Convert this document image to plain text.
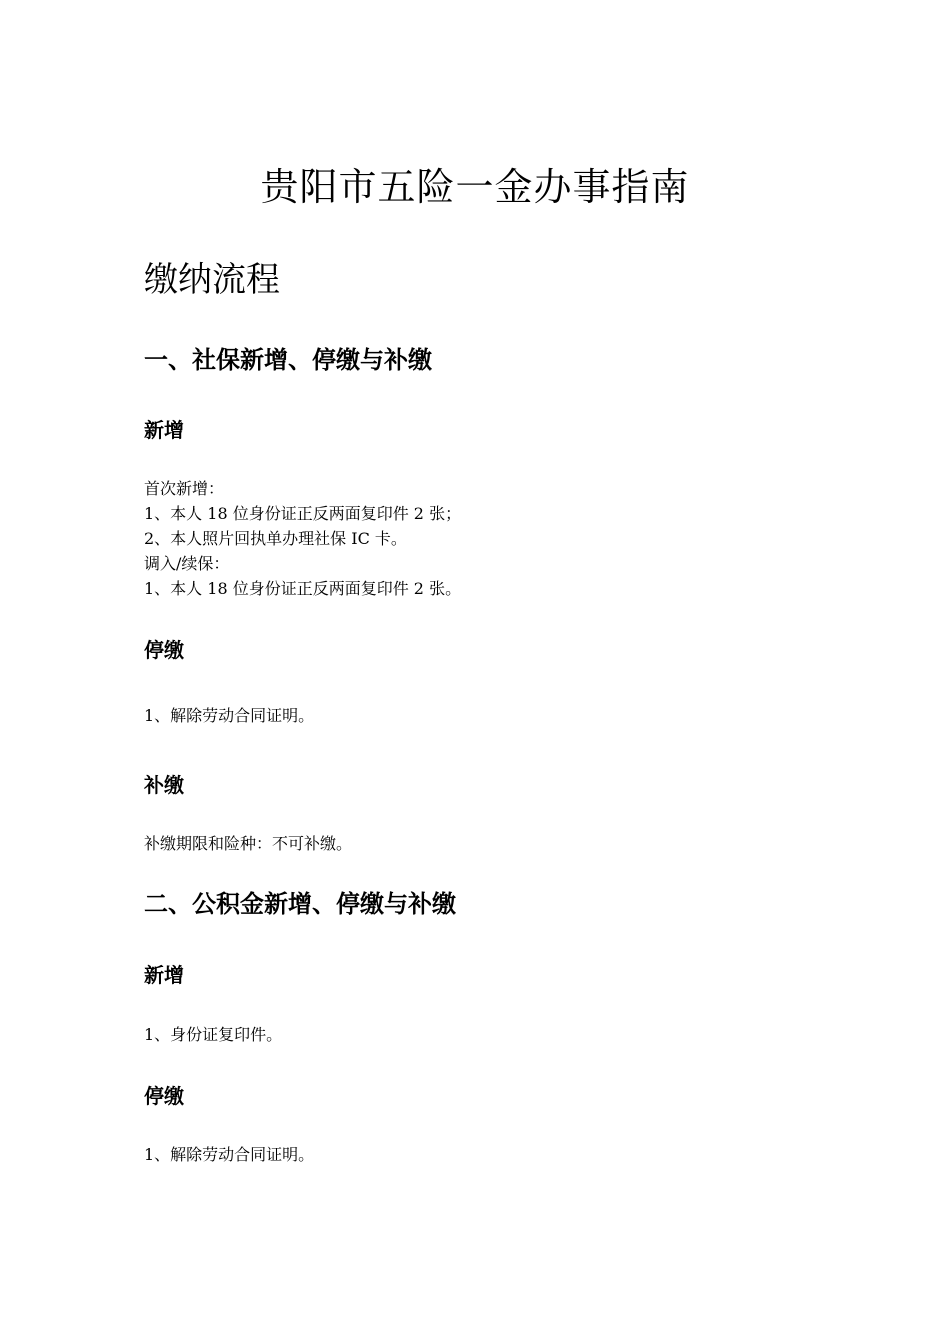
贵阳市五险一金办事指南
缴纳流程
一、社保新增、停缴与补缴
新增
首次新增：
1、本人 18 位身份证正反两面复印件 2 张；
2、本人照片回执单办理社保 IC 卡。
调入/续保：
1、本人 18 位身份证正反两面复印件 2 张。
停缴
1、解除劳动合同证明。
补缴
补缴期限和险种：不可补缴。
二、公积金新增、停缴与补缴
新增
1、身份证复印件。
停缴
1、解除劳动合同证明。
